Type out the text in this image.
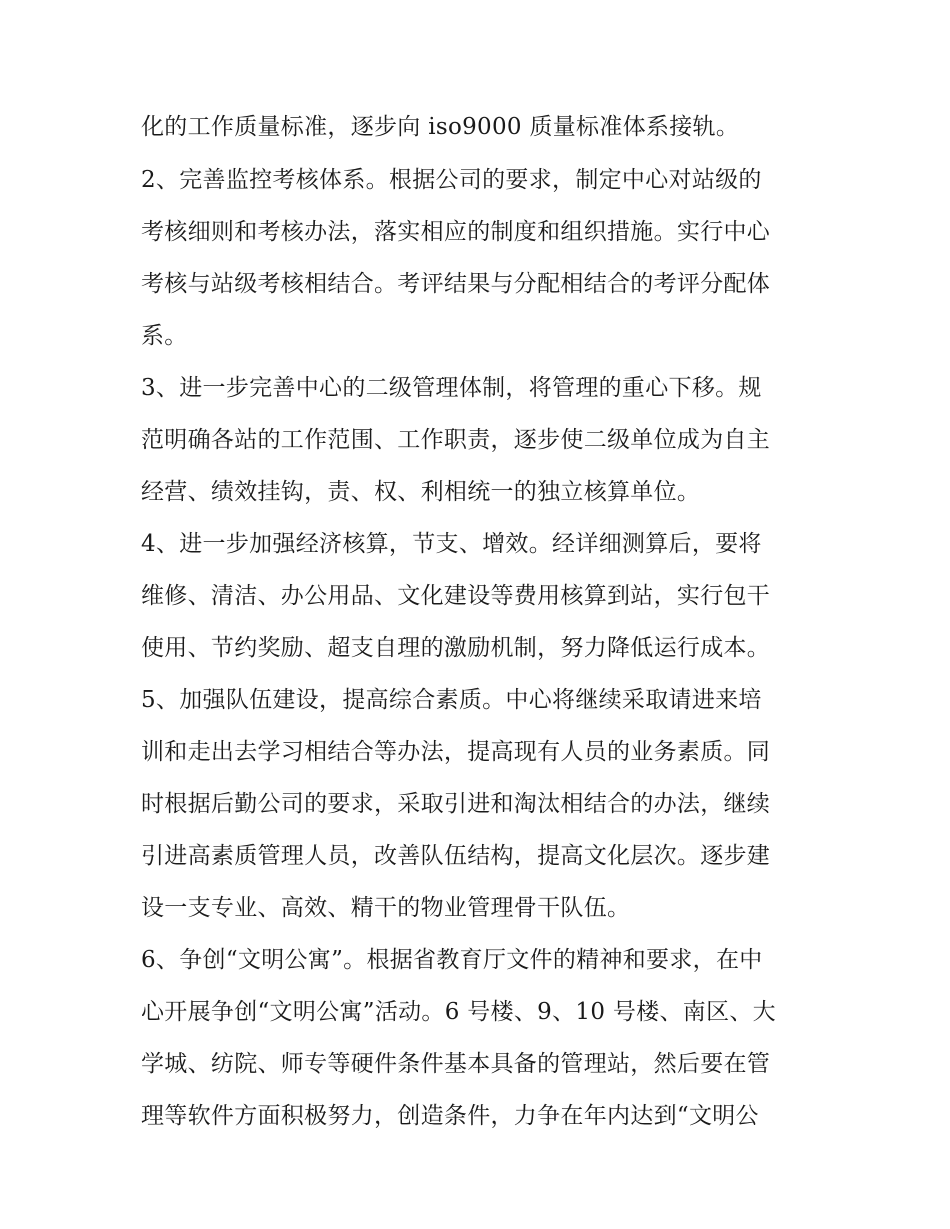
化的工作质量标准，逐步向 iso9000 质量标准体系接轨。
2、完善监控考核体系。根据公司的要求，制定中心对站级的
考核细则和考核办法，落实相应的制度和组织措施。实行中心
考核与站级考核相结合。考评结果与分配相结合的考评分配体
系。
3、进一步完善中心的二级管理体制，将管理的重心下移。规
范明确各站的工作范围、工作职责，逐步使二级单位成为自主
经营、绩效挂钩，责、权、利相统一的独立核算单位。
4、进一步加强经济核算，节支、增效。经详细测算后，要将
维修、清洁、办公用品、文化建设等费用核算到站，实行包干
使用、节约奖励、超支自理的激励机制，努力降低运行成本。
5、加强队伍建设，提高综合素质。中心将继续采取请进来培
训和走出去学习相结合等办法，提高现有人员的业务素质。同
时根据后勤公司的要求，采取引进和淘汰相结合的办法，继续
引进高素质管理人员，改善队伍结构，提高文化层次。逐步建
设一支专业、高效、精干的物业管理骨干队伍。
6、争创“文明公寓”。根据省教育厅文件的精神和要求，在中
心开展争创“文明公寓”活动。6 号楼、9、10 号楼、南区、大
学城、纺院、师专等硬件条件基本具备的管理站，然后要在管
理等软件方面积极努力，创造条件，力争在年内达到“文明公
